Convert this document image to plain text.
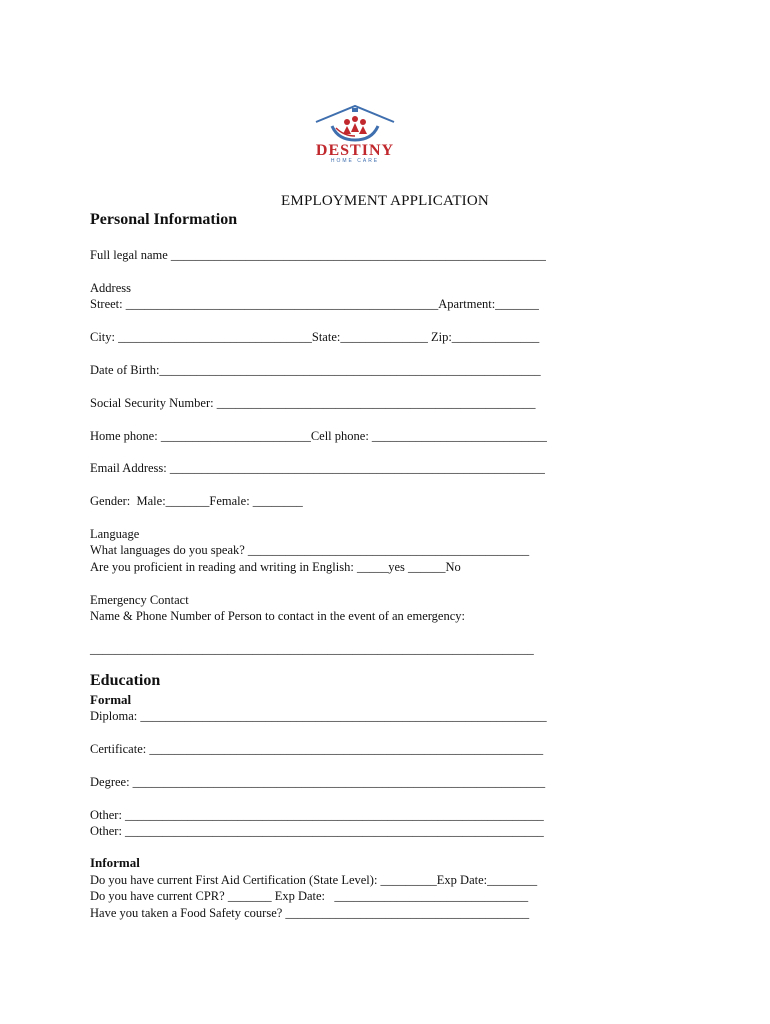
DESTINY
HOME CARE
EMPLOYMENT APPLICATION
Personal Information
Full legal name ____________________________________________________________
Address
Street: __________________________________________________Apartment:_______
City: _______________________________State:______________ Zip:______________
Date of Birth:_____________________________________________________________
Social Security Number: ___________________________________________________
Home phone: ________________________Cell phone: ____________________________
Email Address: ____________________________________________________________
Gender:  Male:_______Female: ________
Language
What languages do you speak? _____________________________________________
Are you proficient in reading and writing in English: _____yes ______No
Emergency Contact
Name & Phone Number of Person to contact in the event of an emergency:
_______________________________________________________________________
Education
Formal
Diploma: _________________________________________________________________
Certificate: _______________________________________________________________
Degree: __________________________________________________________________
Other: ___________________________________________________________________
Other: ___________________________________________________________________
Informal
Do you have current First Aid Certification (State Level): _________Exp Date:________
Do you have current CPR? _______ Exp Date:   _______________________________
Have you taken a Food Safety course? _______________________________________
